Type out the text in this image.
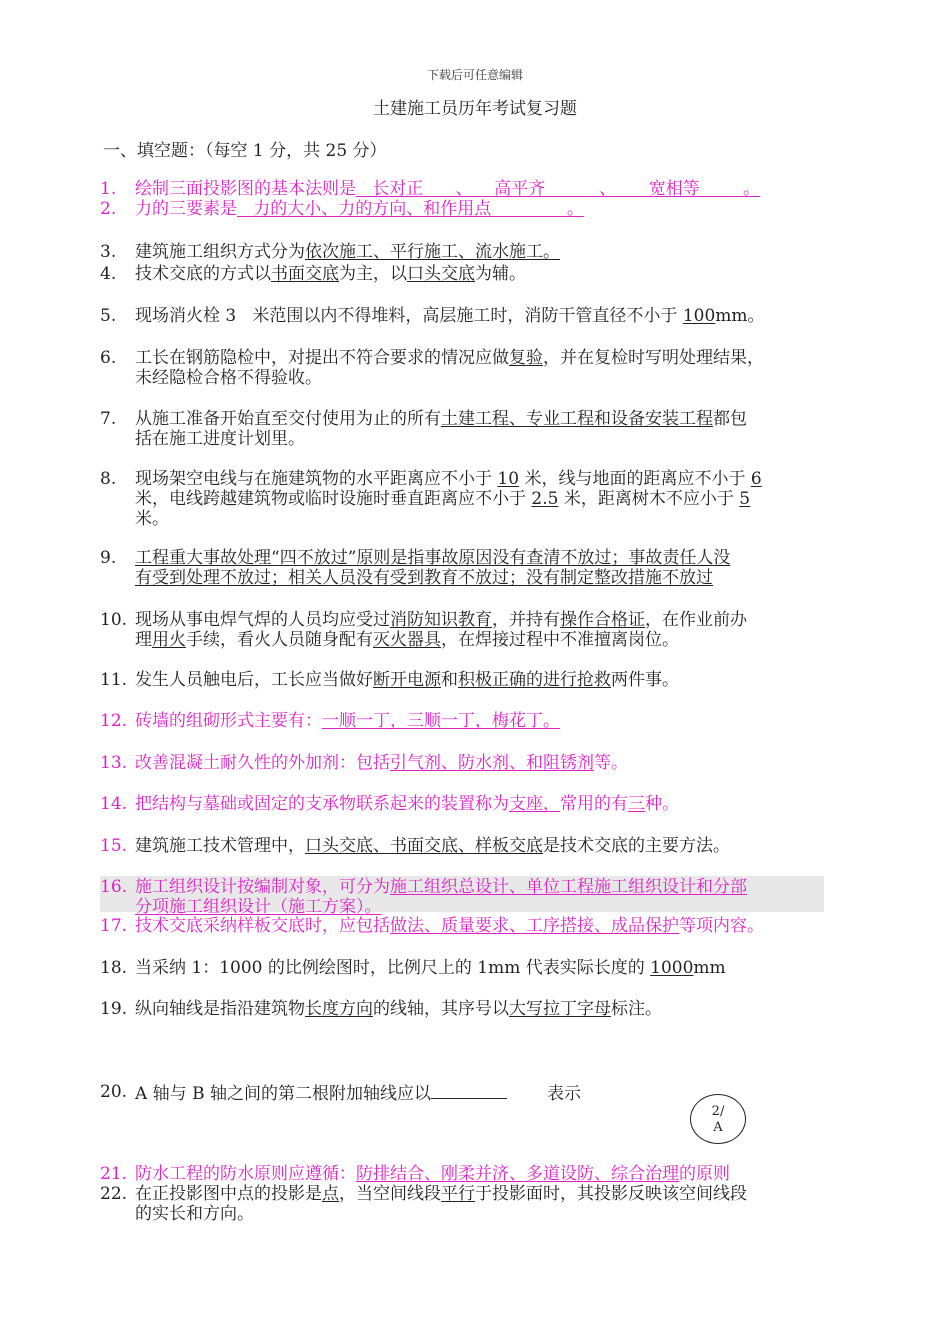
下载后可任意编辑
土建施工员历年考试复习题
一、填空题：（每空 1 分，共 25 分）
1. 绘制三面投影图的基本法则是   长对正      、    高平齐          、      宽相等        。
2. 力的三要素是   力的大小、力的方向、和作用点              。
3. 建筑施工组织方式分为依次施工、平行施工、流水施工。
4. 技术交底的方式以书面交底为主，以口头交底为辅。
5. 现场消火栓 3   米范围以内不得堆料，高层施工时，消防干管直径不小于 100mm。
6. 工长在钢筋隐检中，对提出不符合要求的情况应做复验，并在复检时写明处理结果，
未经隐检合格不得验收。
7. 从施工准备开始直至交付使用为止的所有土建工程、专业工程和设备安装工程都包
括在施工进度计划里。
8. 现场架空电线与在施建筑物的水平距离应不小于 10 米，线与地面的距离应不小于 6
米，电线跨越建筑物或临时设施时垂直距离应不小于 2.5 米，距离树木不应小于 5
米。
9. 工程重大事故处理“四不放过”原则是指事故原因没有查清不放过；事故责任人没
有受到处理不放过；相关人员没有受到教育不放过；没有制定整改措施不放过
10. 现场从事电焊气焊的人员均应受过消防知识教育，并持有操作合格证，在作业前办
理用火手续，看火人员随身配有灭火器具，在焊接过程中不准擅离岗位。
11. 发生人员触电后，工长应当做好断开电源和积极正确的进行抢救两件事。
12. 砖墙的组砌形式主要有：一顺一丁，三顺一丁，梅花丁。
13. 改善混凝土耐久性的外加剂：包括引气剂、防水剂、和阻锈剂等。
14. 把结构与墓础或固定的支承物联系起来的装置称为支座，常用的有三种。
15. 建筑施工技术管理中，口头交底、书面交底、样板交底是技术交底的主要方法。
16. 施工组织设计按编制对象，可分为施工组织总设计、单位工程施工组织设计和分部
分项施工组织设计（施工方案）。
17. 技术交底采纳样板交底时，应包括做法、质量要求、工序搭接、成品保护等项内容。
18. 当采纳 1：1000 的比例绘图时，比例尺上的 1mm 代表实际长度的 1000mm
19. 纵向轴线是指沿建筑物长度方向的线轴，其序号以大写拉丁字母标注。
20. A 轴与 B 轴之间的第二根附加轴线应以	表示
2/
A
21. 防水工程的防水原则应遵循：防排结合、刚柔并济、多道设防、综合治理的原则
22. 在正投影图中点的投影是点，当空间线段平行于投影面时，其投影反映该空间线段
的实长和方向。
